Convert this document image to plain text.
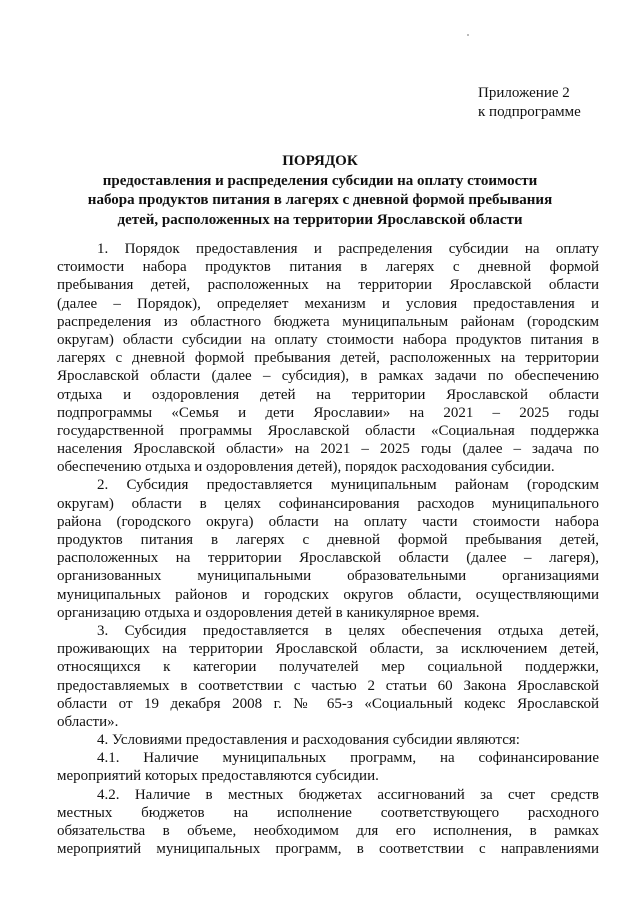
Приложение 2
к подпрограмме
ПОРЯДОК
предоставления и распределения субсидии на оплату стоимости
набора продуктов питания в лагерях с дневной формой пребывания
детей, расположенных на территории Ярославской области
1. Порядок предоставления и распределения субсидии на оплату
стоимости набора продуктов питания в лагерях с дневной формой
пребывания детей, расположенных на территории Ярославской области
(далее – Порядок), определяет механизм и условия предоставления и
распределения из областного бюджета муниципальным районам (городским
округам) области субсидии на оплату стоимости набора продуктов питания в
лагерях с дневной формой пребывания детей, расположенных на территории
Ярославской области (далее – субсидия), в рамках задачи по обеспечению
отдыха и оздоровления детей на территории Ярославской области
подпрограммы «Семья и дети Ярославии» на 2021 – 2025 годы
государственной программы Ярославской области «Социальная поддержка
населения Ярославской области» на 2021 – 2025 годы (далее – задача по
обеспечению отдыха и оздоровления детей), порядок расходования субсидии.
2. Субсидия предоставляется муниципальным районам (городским
округам) области в целях софинансирования расходов муниципального
района (городского округа) области на оплату части стоимости набора
продуктов питания в лагерях с дневной формой пребывания детей,
расположенных на территории Ярославской области (далее – лагеря),
организованных муниципальными образовательными организациями
муниципальных районов и городских округов области, осуществляющими
организацию отдыха и оздоровления детей в каникулярное время.
3. Субсидия предоставляется в целях обеспечения отдыха детей,
проживающих на территории Ярославской области, за исключением детей,
относящихся к категории получателей мер социальной поддержки,
предоставляемых в соответствии с частью 2 статьи 60 Закона Ярославской
области от 19 декабря 2008 г. № 65-з «Социальный кодекс Ярославской
области».
4. Условиями предоставления и расходования субсидии являются:
4.1. Наличие муниципальных программ, на софинансирование
мероприятий которых предоставляются субсидии.
4.2. Наличие в местных бюджетах ассигнований за счет средств
местных бюджетов на исполнение соответствующего расходного
обязательства в объеме, необходимом для его исполнения, в рамках
мероприятий муниципальных программ, в соответствии с направлениями
